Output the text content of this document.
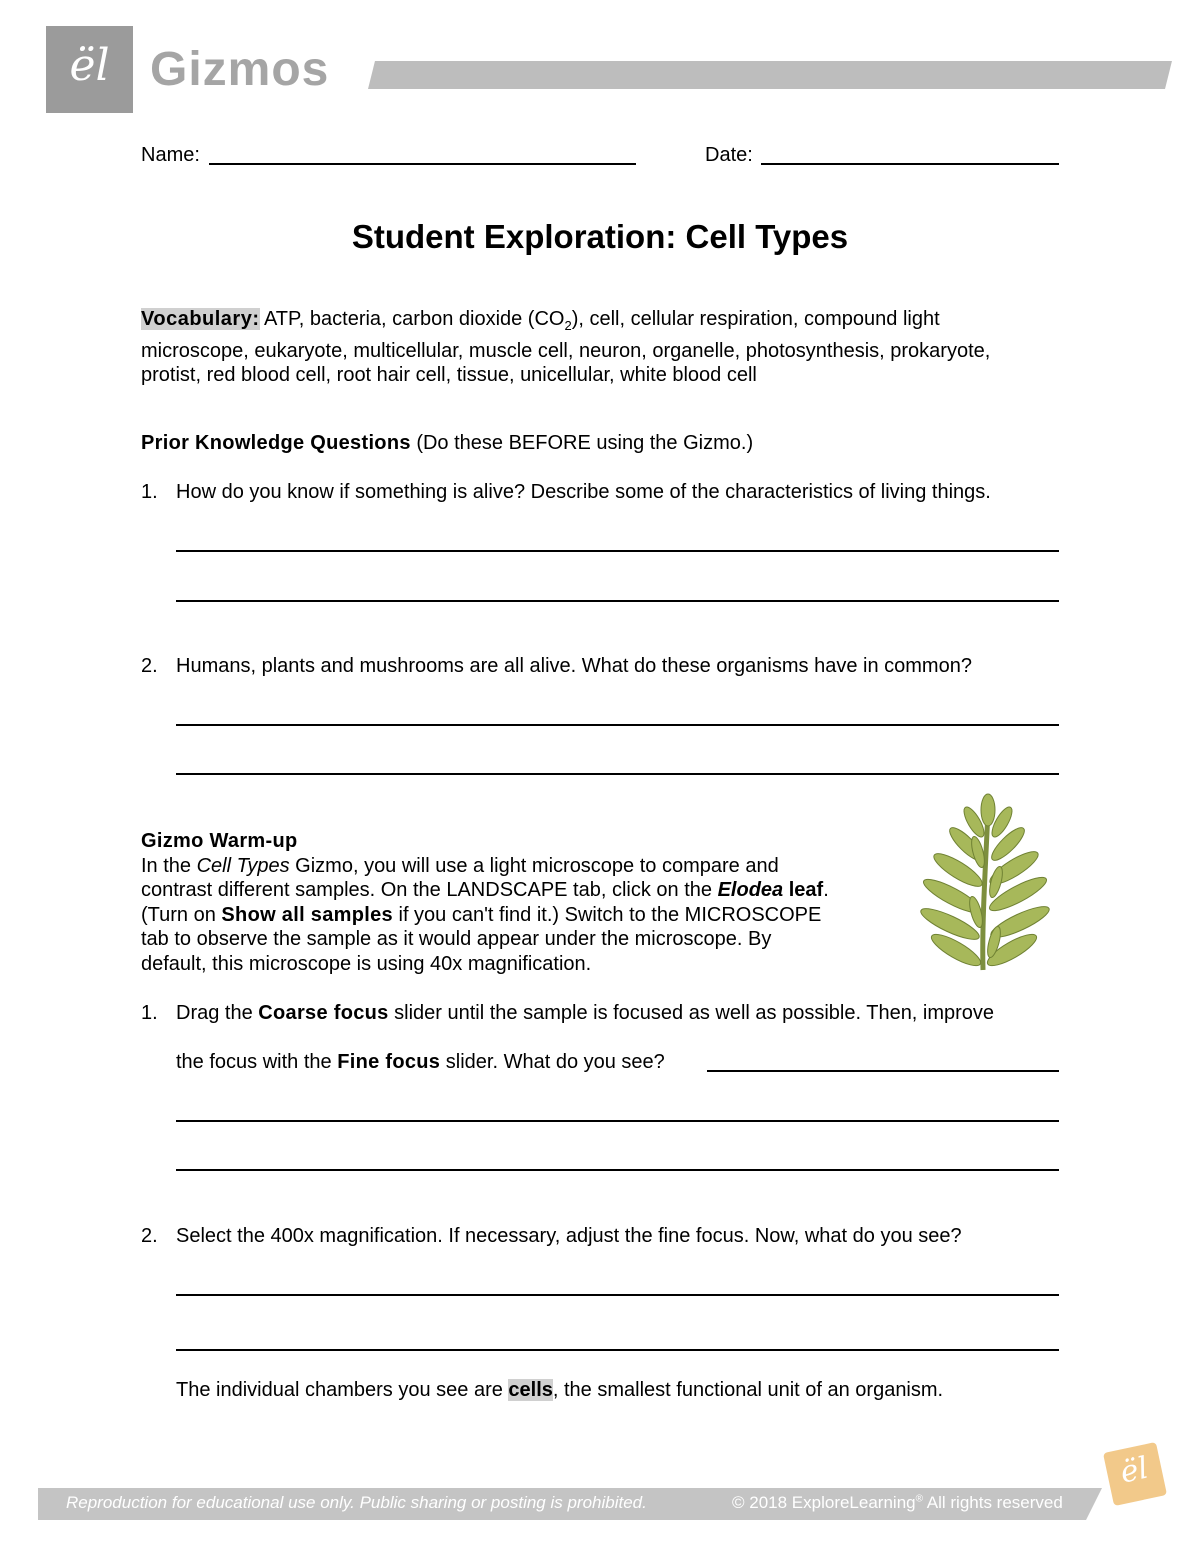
ël Gizmos
Name:	Date:
Student Exploration: Cell Types
Vocabulary: ATP, bacteria, carbon dioxide $(CO_2)$, cell, cellular respiration, compound light
microscope, eukaryote, multicellular, muscle cell, neuron, organelle, photosynthesis, prokaryote,
protist, red blood cell, root hair cell, tissue, unicellular, white blood cell
Prior Knowledge Questions (Do these BEFORE using the Gizmo.)
1. How do you know if something is alive? Describe some of the characteristics of living things.
2. Humans, plants and mushrooms are all alive. What do these organisms have in common?
Gizmo Warm-up
In the Cell Types Gizmo, you will use a light microscope to compare and
contrast different samples. On the LANDSCAPE tab, click on the Elodea leaf.
(Turn on Show all samples if you can't find it.) Switch to the MICROSCOPE
tab to observe the sample as it would appear under the microscope. By
default, this microscope is using 40x magnification.
1. Drag the Coarse focus slider until the sample is focused as well as possible. Then, improve
the focus with the Fine focus slider. What do you see?
2. Select the 400x magnification. If necessary, adjust the fine focus. Now, what do you see?
The individual chambers you see are cells, the smallest functional unit of an organism.
Reproduction for educational use only. Public sharing or posting is prohibited.	© 2018 ExploreLearning® All rights reserved
ël
